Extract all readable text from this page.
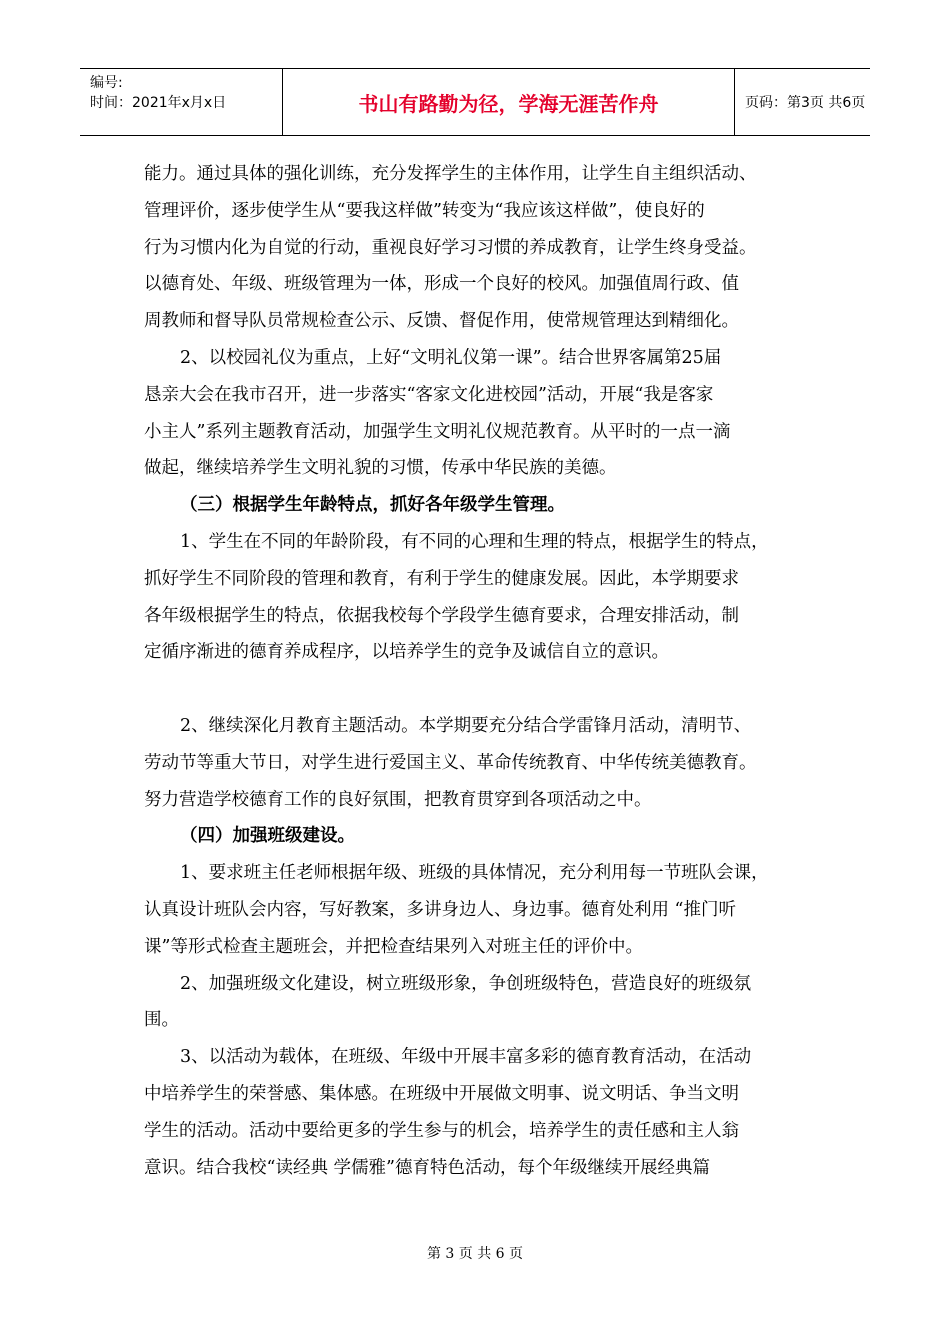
编号:
时间：2021年x月x日	书山有路勤为径，学海无涯苦作舟	页码：第3页 共6页
能力。通过具体的强化训练，充分发挥学生的主体作用，让学生自主组织活动、
管理评价，逐步使学生从“要我这样做”转变为“我应该这样做”，使良好的
行为习惯内化为自觉的行动，重视良好学习习惯的养成教育，让学生终身受益。
以德育处、年级、班级管理为一体，形成一个良好的校风。加强值周行政、值
周教师和督导队员常规检查公示、反馈、督促作用，使常规管理达到精细化。
2、以校园礼仪为重点，上好“文明礼仪第一课”。结合世界客属第25届
恳亲大会在我市召开，进一步落实“客家文化进校园”活动，开展“我是客家
小主人”系列主题教育活动，加强学生文明礼仪规范教育。从平时的一点一滴
做起，继续培养学生文明礼貌的习惯，传承中华民族的美德。
（三）根据学生年龄特点，抓好各年级学生管理。
1、学生在不同的年龄阶段，有不同的心理和生理的特点，根据学生的特点，
抓好学生不同阶段的管理和教育，有利于学生的健康发展。因此，本学期要求
各年级根据学生的特点，依据我校每个学段学生德育要求，合理安排活动，制
定循序渐进的德育养成程序，以培养学生的竞争及诚信自立的意识。
2、继续深化月教育主题活动。本学期要充分结合学雷锋月活动，清明节、
劳动节等重大节日，对学生进行爱国主义、革命传统教育、中华传统美德教育。
努力营造学校德育工作的良好氛围，把教育贯穿到各项活动之中。
（四）加强班级建设。
1、要求班主任老师根据年级、班级的具体情况，充分利用每一节班队会课，
认真设计班队会内容，写好教案，多讲身边人、身边事。德育处利用 “推门听
课”等形式检查主题班会，并把检查结果列入对班主任的评价中。
2、加强班级文化建设，树立班级形象，争创班级特色，营造良好的班级氛
围。
3、以活动为载体，在班级、年级中开展丰富多彩的德育教育活动，在活动
中培养学生的荣誉感、集体感。在班级中开展做文明事、说文明话、争当文明
学生的活动。活动中要给更多的学生参与的机会，培养学生的责任感和主人翁
意识。结合我校“读经典 学儒雅”德育特色活动，每个年级继续开展经典篇
第 3 页 共 6 页
